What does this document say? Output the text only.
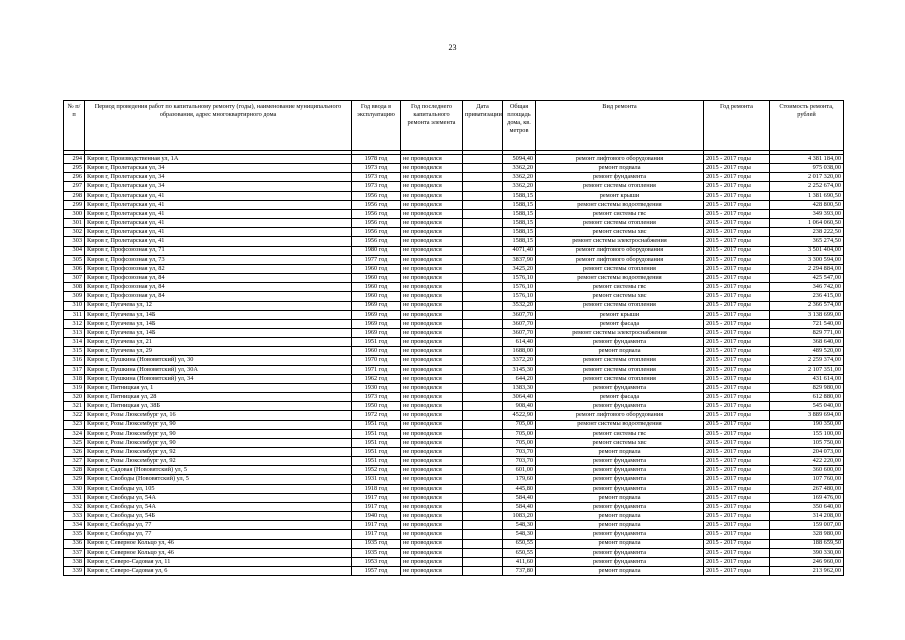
23
№ п/п	Период проведения работ по капитальному ремонту (годы), наименование муниципального образования, адрес многоквартирного дома	Год ввода в эксплуатацию	Год последнего капитального ремонта элемента	Дата приватизации	Общая площадь дома, кв. метров	Вид ремонта	Год ремонта	Стоимость ремонта, рублей

294	Киров г, Производственная ул, 1А	1978 год	не проводился		5094,40	ремонт лифтового оборудования	2015 - 2017 годы	4 381 184,00
295	Киров г, Пролетарская ул, 34	1973 год	не проводился		3362,20	ремонт подвала	2015 - 2017 годы	975 038,00
296	Киров г, Пролетарская ул, 34	1973 год	не проводился		3362,20	ремонт фундамента	2015 - 2017 годы	2 017 320,00
297	Киров г, Пролетарская ул, 34	1973 год	не проводился		3362,20	ремонт системы отопления	2015 - 2017 годы	2 252 674,00
298	Киров г, Пролетарская ул, 41	1956 год	не проводился		1588,15	ремонт крыши	2015 - 2017 годы	1 381 690,50
299	Киров г, Пролетарская ул, 41	1956 год	не проводился		1588,15	ремонт системы водоотведения	2015 - 2017 годы	428 800,50
300	Киров г, Пролетарская ул, 41	1956 год	не проводился		1588,15	ремонт системы гвс	2015 - 2017 годы	349 393,00
301	Киров г, Пролетарская ул, 41	1956 год	не проводился		1588,15	ремонт системы отопления	2015 - 2017 годы	1 064 060,50
302	Киров г, Пролетарская ул, 41	1956 год	не проводился		1588,15	ремонт системы хвс	2015 - 2017 годы	238 222,50
303	Киров г, Пролетарская ул, 41	1956 год	не проводился		1588,15	ремонт системы электроснабжения	2015 - 2017 годы	365 274,50
304	Киров г, Профсоюзная ул, 71	1980 год	не проводился		4071,40	ремонт лифтового оборудования	2015 - 2017 годы	3 501 404,00
305	Киров г, Профсоюзная ул, 73	1977 год	не проводился		3837,90	ремонт лифтового оборудования	2015 - 2017 годы	3 300 594,00
306	Киров г, Профсоюзная ул, 82	1960 год	не проводился		3425,20	ремонт системы отопления	2015 - 2017 годы	2 294 884,00
307	Киров г, Профсоюзная ул, 84	1960 год	не проводился		1576,10	ремонт системы водоотведения	2015 - 2017 годы	425 547,00
308	Киров г, Профсоюзная ул, 84	1960 год	не проводился		1576,10	ремонт системы гвс	2015 - 2017 годы	346 742,00
309	Киров г, Профсоюзная ул, 84	1960 год	не проводился		1576,10	ремонт системы хвс	2015 - 2017 годы	236 415,00
310	Киров г, Пугачева ул, 12	1969 год	не проводился		3532,20	ремонт системы отопления	2015 - 2017 годы	2 366 574,00
311	Киров г, Пугачева ул, 14Б	1969 год	не проводился		3607,70	ремонт крыши	2015 - 2017 годы	3 138 699,00
312	Киров г, Пугачева ул, 14Б	1969 год	не проводился		3607,70	ремонт фасада	2015 - 2017 годы	721 540,00
313	Киров г, Пугачева ул, 14Б	1969 год	не проводился		3607,70	ремонт системы электроснабжения	2015 - 2017 годы	829 771,00
314	Киров г, Пугачева ул, 21	1951 год	не проводился		614,40	ремонт фундамента	2015 - 2017 годы	368 640,00
315	Киров г, Пугачева ул, 29	1960 год	не проводился		1688,00	ремонт подвала	2015 - 2017 годы	489 520,00
316	Киров г, Пушкина (Нововятский) ул, 30	1970 год	не проводился		3372,20	ремонт системы отопления	2015 - 2017 годы	2 259 374,00
317	Киров г, Пушкина (Нововятский) ул, 30А	1971 год	не проводился		3145,30	ремонт системы отопления	2015 - 2017 годы	2 107 351,00
318	Киров г, Пушкина (Нововятский) ул, 34	1962 год	не проводился		644,20	ремонт системы отопления	2015 - 2017 годы	431 614,00
319	Киров г, Пятницкая ул, 1	1930 год	не проводился		1383,30	ремонт фундамента	2015 - 2017 годы	829 980,00
320	Киров г, Пятницкая ул, 28	1973 год	не проводился		3064,40	ремонт фасада	2015 - 2017 годы	612 880,00
321	Киров г, Пятницкая ул, 38Б	1950 год	не проводился		908,40	ремонт фундамента	2015 - 2017 годы	545 040,00
322	Киров г, Розы Люксембург ул, 16	1972 год	не проводился		4522,90	ремонт лифтового оборудования	2015 - 2017 годы	3 889 694,00
323	Киров г, Розы Люксембург ул, 90	1951 год	не проводился		705,00	ремонт системы водоотведения	2015 - 2017 годы	190 350,00
324	Киров г, Розы Люксембург ул, 90	1951 год	не проводился		705,00	ремонт системы гвс	2015 - 2017 годы	155 100,00
325	Киров г, Розы Люксембург ул, 90	1951 год	не проводился		705,00	ремонт системы хвс	2015 - 2017 годы	105 750,00
326	Киров г, Розы Люксембург ул, 92	1951 год	не проводился		703,70	ремонт подвала	2015 - 2017 годы	204 073,00
327	Киров г, Розы Люксембург ул, 92	1951 год	не проводился		703,70	ремонт фундамента	2015 - 2017 годы	422 220,00
328	Киров г, Садовая (Нововятский) ул, 5	1952 год	не проводился		601,00	ремонт фундамента	2015 - 2017 годы	360 600,00
329	Киров г, Свободы (Нововятский) ул, 5	1931 год	не проводился		179,60	ремонт фундамента	2015 - 2017 годы	107 760,00
330	Киров г, Свободы ул, 105	1918 год	не проводился		445,80	ремонт фундамента	2015 - 2017 годы	267 480,00
331	Киров г, Свободы ул, 54А	1917 год	не проводился		584,40	ремонт подвала	2015 - 2017 годы	169 476,00
332	Киров г, Свободы ул, 54А	1917 год	не проводился		584,40	ремонт фундамента	2015 - 2017 годы	350 640,00
333	Киров г, Свободы ул, 54Б	1940 год	не проводился		1083,20	ремонт подвала	2015 - 2017 годы	314 208,00
334	Киров г, Свободы ул, 77	1917 год	не проводился		548,30	ремонт подвала	2015 - 2017 годы	159 007,00
335	Киров г, Свободы ул, 77	1917 год	не проводился		548,30	ремонт фундамента	2015 - 2017 годы	328 980,00
336	Киров г, Северное Кольцо ул, 46	1935 год	не проводился		650,55	ремонт подвала	2015 - 2017 годы	188 659,50
337	Киров г, Северное Кольцо ул, 46	1935 год	не проводился		650,55	ремонт фундамента	2015 - 2017 годы	390 330,00
338	Киров г, Северо-Садовая ул, 11	1953 год	не проводился		411,60	ремонт фундамента	2015 - 2017 годы	246 960,00
339	Киров г, Северо-Садовая ул, 6	1957 год	не проводился		737,80	ремонт подвала	2015 - 2017 годы	213 962,00
